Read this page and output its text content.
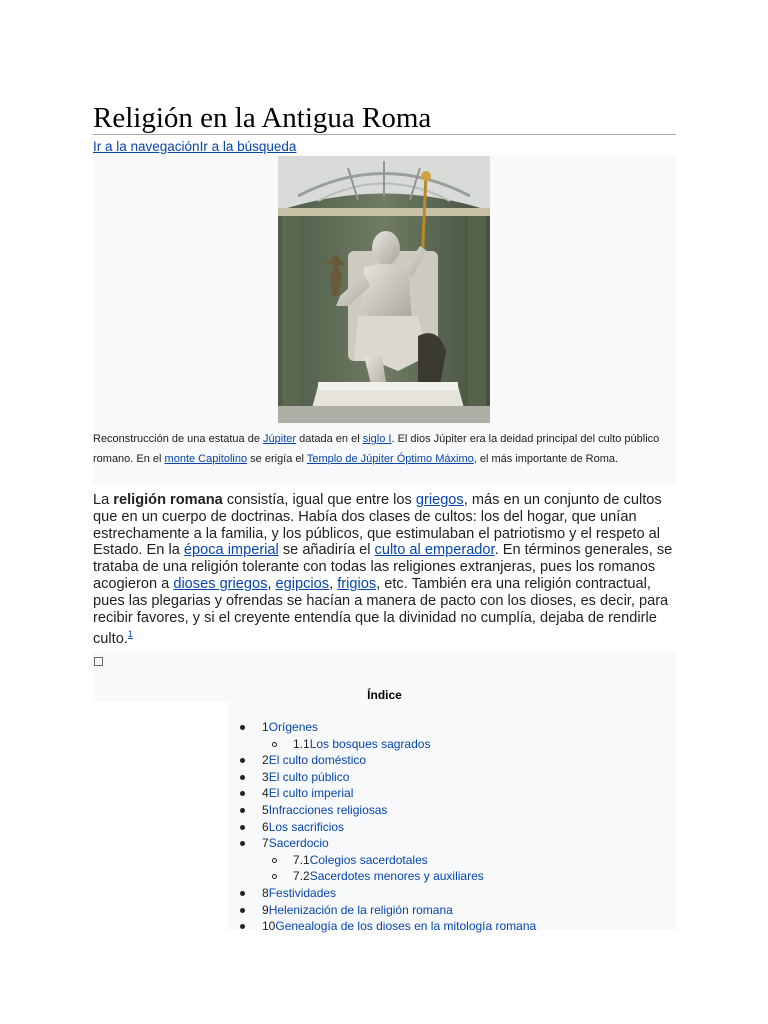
Religión en la Antigua Roma
Ir a la navegaciónIr a la búsqueda
Reconstrucción de una estatua de Júpiter datada en el siglo I. El dios Júpiter era la deidad principal del culto público romano. En el monte Capitolino se erigía el Templo de Júpiter Óptimo Máximo, el más importante de Roma.
La religión romana consistía, igual que entre los griegos, más en un conjunto de cultos que en un cuerpo de doctrinas. Había dos clases de cultos: los del hogar, que unían estrechamente a la familia, y los públicos, que estimulaban el patriotismo y el respeto al Estado. En la época imperial se añadiría el culto al emperador. En términos generales, se trataba de una religión tolerante con todas las religiones extranjeras, pues los romanos acogieron a dioses griegos, egipcios, frigios, etc. También era una religión contractual, pues las plegarias y ofrendas se hacían a manera de pacto con los dioses, es decir, para recibir favores, y si el creyente entendía que la divinidad no cumplía, dejaba de rendirle culto.$^1$
Índice
1Orígenes
1.1Los bosques sagrados
2El culto doméstico
3El culto público
4El culto imperial
5Infracciones religiosas
6Los sacrificios
7Sacerdocio
7.1Colegios sacerdotales
7.2Sacerdotes menores y auxiliares
8Festividades
9Helenización de la religión romana
10Genealogía de los dioses en la mitología romana
